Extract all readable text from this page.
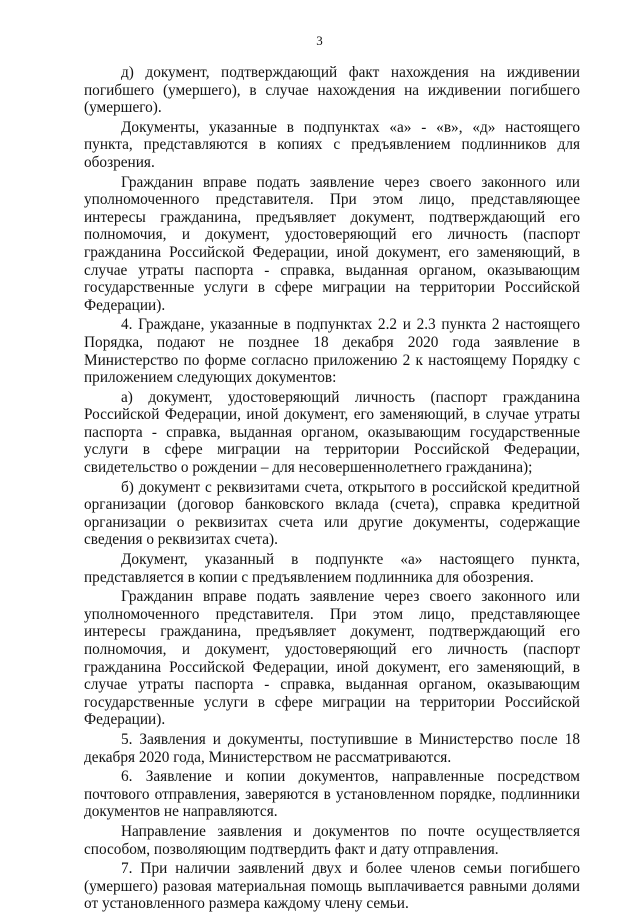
3

д) документ, подтверждающий факт нахождения на иждивении погибшего (умершего), в случае нахождения на иждивении погибшего (умершего).

Документы, указанные в подпунктах «а» - «в», «д» настоящего пункта, представляются в копиях с предъявлением подлинников для обозрения.

Гражданин вправе подать заявление через своего законного или уполномоченного представителя. При этом лицо, представляющее интересы гражданина, предъявляет документ, подтверждающий его полномочия, и документ, удостоверяющий его личность (паспорт гражданина Российской Федерации, иной документ, его заменяющий, в случае утраты паспорта - справка, выданная органом, оказывающим государственные услуги в сфере миграции на территории Российской Федерации).

4. Граждане, указанные в подпунктах 2.2 и 2.3 пункта 2 настоящего Порядка, подают не позднее 18 декабря 2020 года заявление в Министерство по форме согласно приложению 2 к настоящему Порядку с приложением следующих документов:

а) документ, удостоверяющий личность (паспорт гражданина Российской Федерации, иной документ, его заменяющий, в случае утраты паспорта - справка, выданная органом, оказывающим государственные услуги в сфере миграции на территории Российской Федерации, свидетельство о рождении – для несовершеннолетнего гражданина);

б) документ с реквизитами счета, открытого в российской кредитной организации (договор банковского вклада (счета), справка кредитной организации о реквизитах счета или другие документы, содержащие сведения о реквизитах счета).

Документ, указанный в подпункте «а» настоящего пункта, представляется в копии с предъявлением подлинника для обозрения.

Гражданин вправе подать заявление через своего законного или уполномоченного представителя. При этом лицо, представляющее интересы гражданина, предъявляет документ, подтверждающий его полномочия, и документ, удостоверяющий его личность (паспорт гражданина Российской Федерации, иной документ, его заменяющий, в случае утраты паспорта - справка, выданная органом, оказывающим государственные услуги в сфере миграции на территории Российской Федерации).

5. Заявления и документы, поступившие в Министерство после 18 декабря 2020 года, Министерством не рассматриваются.

6. Заявление и копии документов, направленные посредством почтового отправления, заверяются в установленном порядке, подлинники документов не направляются.

Направление заявления и документов по почте осуществляется способом, позволяющим подтвердить факт и дату отправления.

7. При наличии заявлений двух и более членов семьи погибшего (умершего) разовая материальная помощь выплачивается равными долями от установленного размера каждому члену семьи.
